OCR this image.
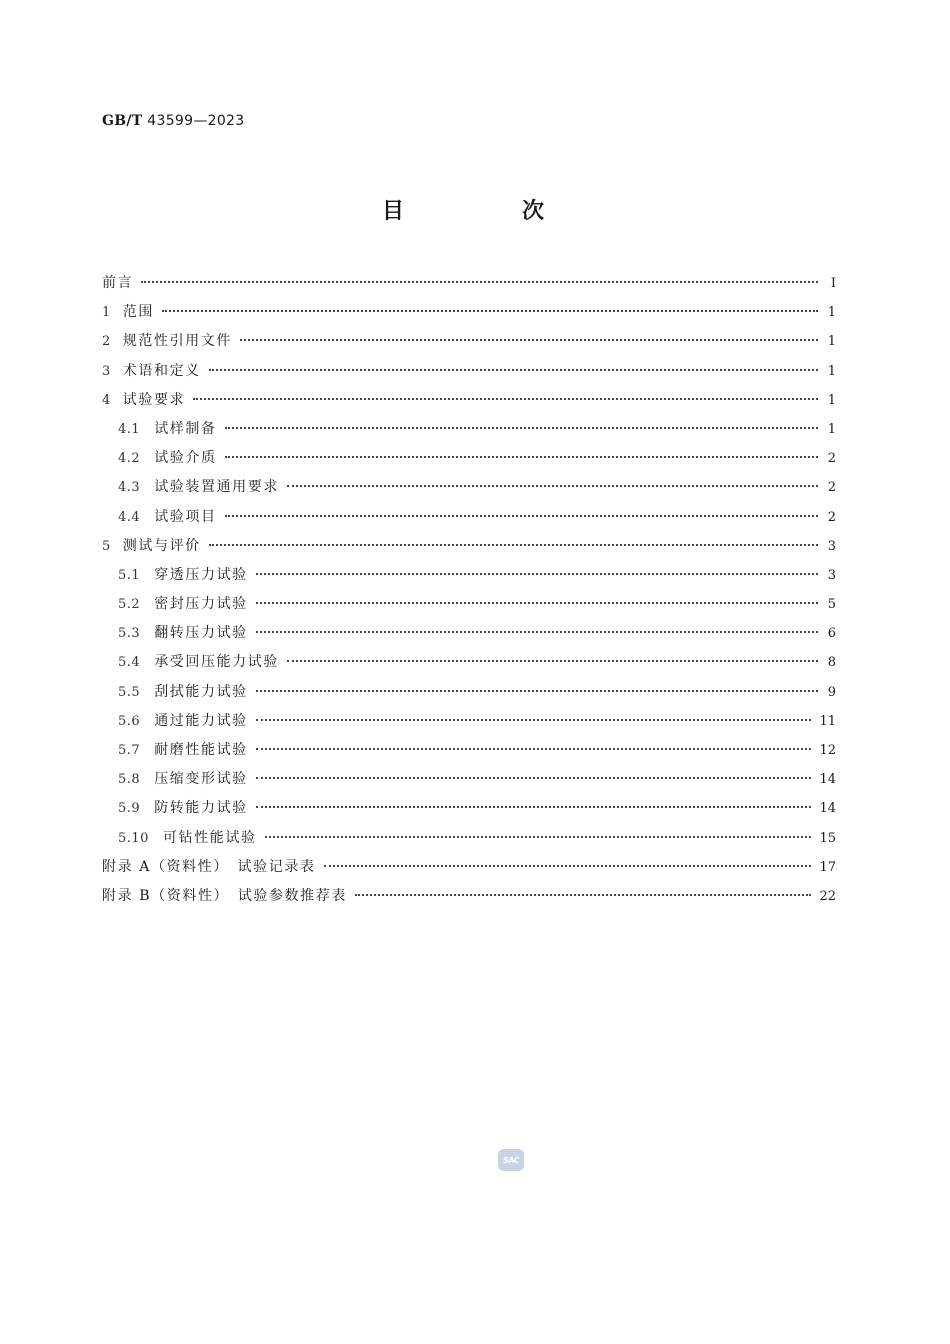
GB/T 43599—2023
目　次
前言	Ⅰ
1 范围	1
2 规范性引用文件	1
3 术语和定义	1
4 试验要求	1
4.1 试样制备	1
4.2 试验介质	2
4.3 试验装置通用要求	2
4.4 试验项目	2
5 测试与评价	3
5.1 穿透压力试验	3
5.2 密封压力试验	5
5.3 翻转压力试验	6
5.4 承受回压能力试验	8
5.5 刮拭能力试验	9
5.6 通过能力试验	11
5.7 耐磨性能试验	12
5.8 压缩变形试验	14
5.9 防转能力试验	14
5.10 可钻性能试验	15
附录 A（资料性）　试验记录表	17
附录 B（资料性）　试验参数推荐表	22
SAC
